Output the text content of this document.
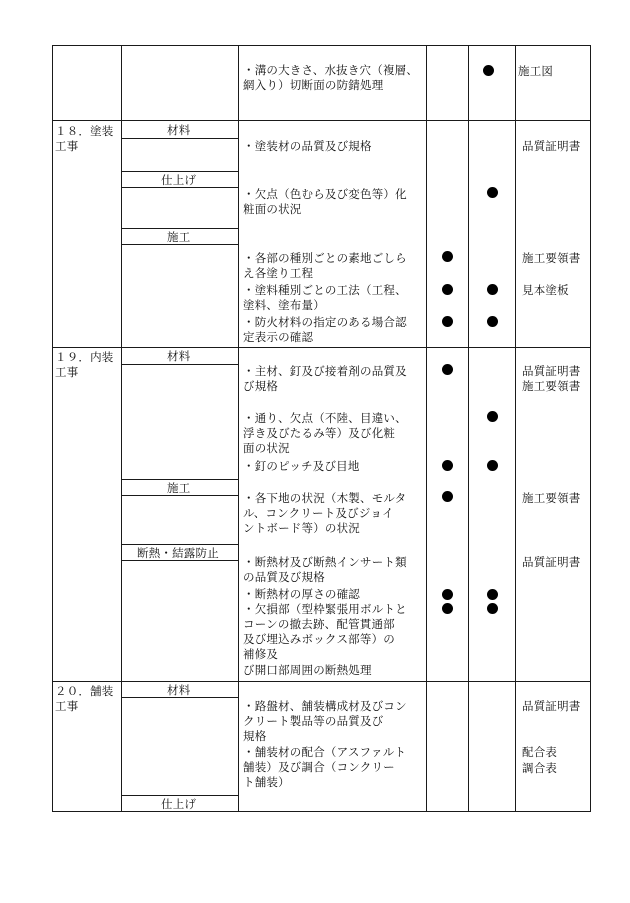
・溝の大きさ、水抜き穴（複層、
網入り）切断面の防錆処理
施工図
１８．塗装
工事
材料
仕上げ
施工
・塗装材の品質及び規格	品質証明書
・欠点（色むら及び変色等）化
粧面の状況
・各部の種別ごとの素地ごしら
え各塗り工程
施工要領書
・塗料種別ごとの工法（工程、
塗料、塗布量）
見本塗板
・防火材料の指定のある場合認
定表示の確認
１９．内装
工事
材料
施工
断熱・結露防止
・主材、釘及び接着剤の品質及
び規格
品質証明書
施工要領書
・通り、欠点（不陸、目違い、
浮き及びたるみ等）及び化粧
面の状況
・釘のピッチ及び目地
・各下地の状況（木製、モルタ
ル、コンクリート及びジョイ
ントボード等）の状況
施工要領書
・断熱材及び断熱インサート類
の品質及び規格
品質証明書
・断熱材の厚さの確認
・欠損部（型枠緊張用ボルトと
コーンの撤去跡、配管貫通部
及び埋込みボックス部等）の
補修及
び開口部周囲の断熱処理
２０．舗装
工事
材料
仕上げ
・路盤材、舗装構成材及びコン
クリート製品等の品質及び
規格
品質証明書
・舗装材の配合（アスファルト
舗装）及び調合（コンクリー
ト舗装）
配合表
調合表
